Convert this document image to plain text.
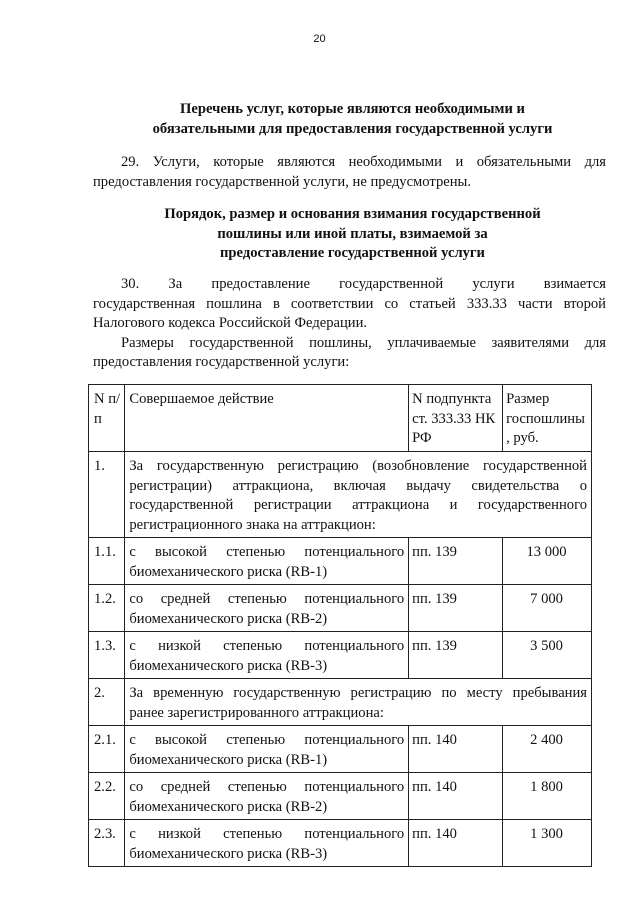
20
Перечень услуг, которые являются необходимыми и
обязательными для предоставления государственной услуги
29. Услуги, которые являются необходимыми и обязательными для
предоставления государственной услуги, не предусмотрены.
Порядок, размер и основания взимания государственной
пошлины или иной платы, взимаемой за
предоставление государственной услуги
30. За предоставление государственной услуги взимается
государственная пошлина в соответствии со статьей 333.33 части второй
Налогового кодекса Российской Федерации.
Размеры государственной пошлины, уплачиваемые заявителями для
предоставления государственной услуги:
N п/п	Совершаемое действие	N подпункта ст. 333.33 НК РФ	Размер госпошлины , руб.
1.	За государственную регистрацию (возобновление государственной
регистрации) аттракциона, включая выдачу свидетельства о
государственной регистрации аттракциона и государственного
регистрационного знака на аттракцион:		
1.1.	с высокой степенью потенциального
биомеханического риска (RB-1)	пп. 139	13 000
1.2.	со средней степенью потенциального
биомеханического риска (RB-2)	пп. 139	7 000
1.3.	с низкой степенью потенциального
биомеханического риска (RB-3)	пп. 139	3 500
2.	За временную государственную регистрацию по месту пребывания
ранее зарегистрированного аттракциона:		
2.1.	с высокой степенью потенциального
биомеханического риска (RB-1)	пп. 140	2 400
2.2.	со средней степенью потенциального
биомеханического риска (RB-2)	пп. 140	1 800
2.3.	с низкой степенью потенциального
биомеханического риска (RB-3)	пп. 140	1 300
